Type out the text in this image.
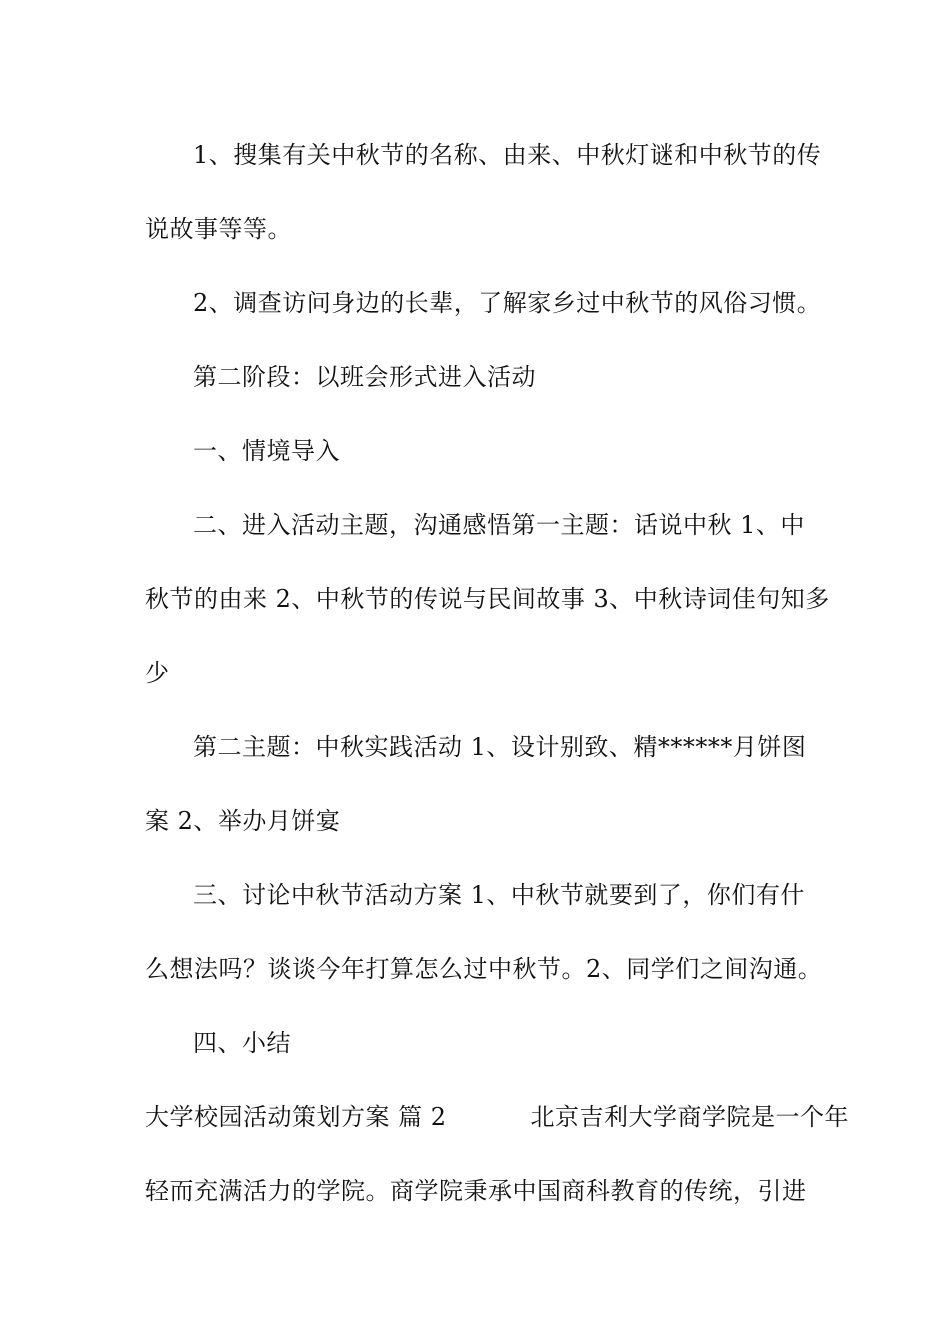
1、搜集有关中秋节的名称、由来、中秋灯谜和中秋节的传
说故事等等。
2、调查访问身边的长辈，了解家乡过中秋节的风俗习惯。
第二阶段：以班会形式进入活动
一、情境导入
二、进入活动主题，沟通感悟第一主题：话说中秋 1、中
秋节的由来 2、中秋节的传说与民间故事 3、中秋诗词佳句知多
少
第二主题：中秋实践活动 1、设计别致、精******月饼图
案 2、举办月饼宴
三、讨论中秋节活动方案 1、中秋节就要到了，你们有什
么想法吗？谈谈今年打算怎么过中秋节。2、同学们之间沟通。
四、小结
大学校园活动策划方案 篇 2	北京吉利大学商学院是一个年
轻而充满活力的学院。商学院秉承中国商科教育的传统，引进
